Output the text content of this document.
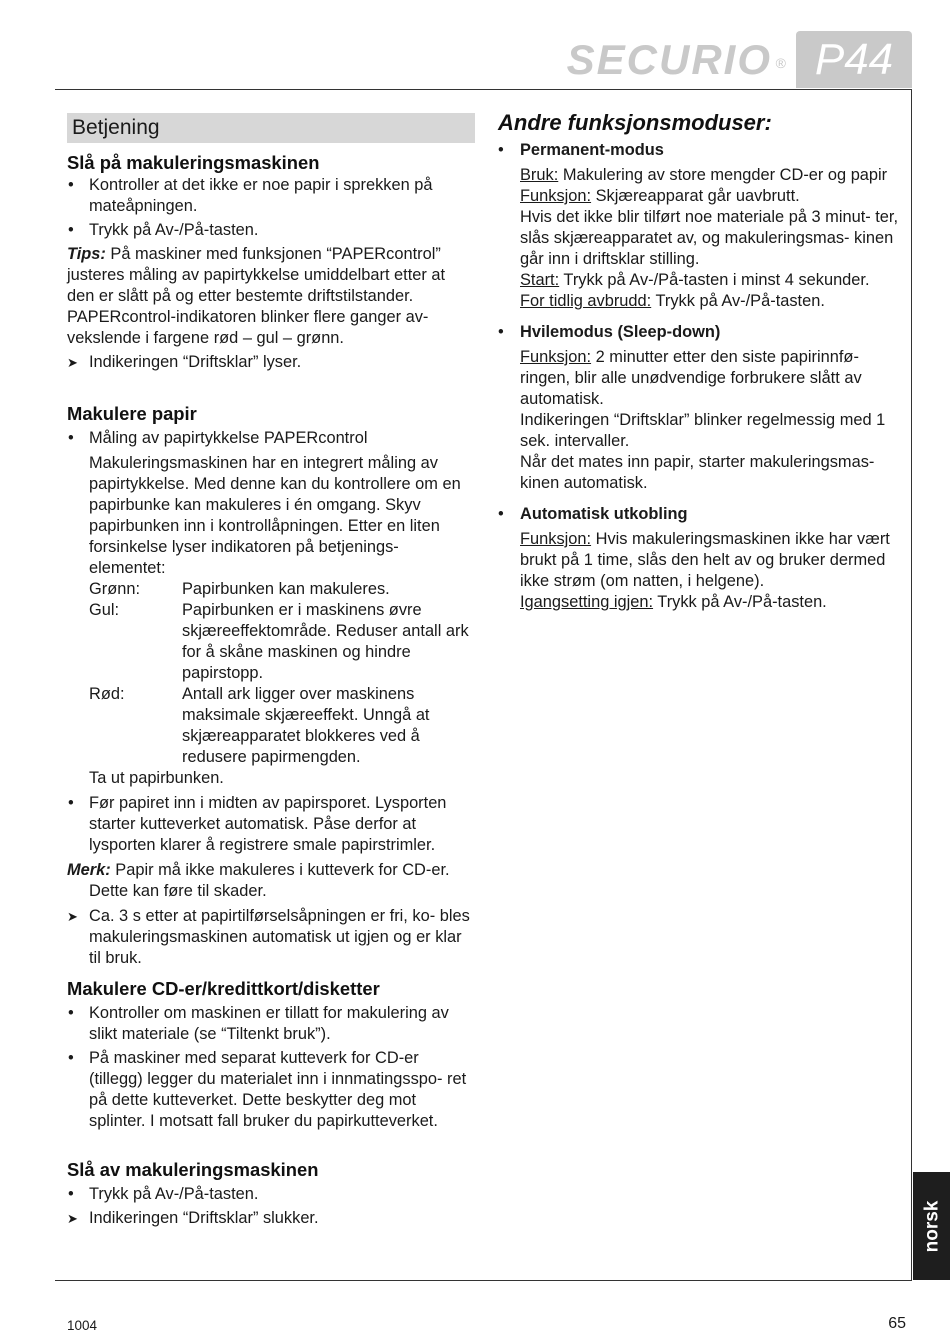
SECURIO ® P44
norsk
1004	65
Betjening
Slå på makuleringsmaskinen
• Kontroller at det ikke er noe papir i sprekken på mateåpningen.
• Trykk på Av-/På-tasten.
Tips: På maskiner med funksjonen “PAPERcontrol” justeres måling av papirtykkelse umiddelbart etter at den er slått på og etter bestemte driftstilstander. PAPERcontrol-indikatoren blinker flere ganger av- vekslende i fargene rød – gul – grønn.
➤ Indikeringen “Driftsklar” lyser.
Makulere papir
• Måling av papirtykkelse PAPERcontrol
Makuleringsmaskinen har en integrert måling av papirtykkelse. Med denne kan du kontrollere om en papirbunke kan makuleres i én omgang. Skyv papirbunken inn i kontrollåpningen. Etter en liten forsinkelse lyser indikatoren på betjenings- elementet:
Grønn:	Papirbunken kan makuleres.
Gul:	Papirbunken er i maskinens øvre skjæreeffektområde. Reduser antall ark for å skåne maskinen og hindre papirstopp.
Rød:	Antall ark ligger over maskinens maksimale skjæreeffekt. Unngå at skjæreapparatet blokkeres ved å redusere papirmengden.
Ta ut papirbunken.
• Før papiret inn i midten av papirsporet. Lysporten starter kutteverket automatisk. Påse derfor at lysporten klarer å registrere smale papirstrimler.
Merk: Papir må ikke makuleres i kutteverk for CD-er. Dette kan føre til skader.
➤ Ca. 3 s etter at papirtilførselsåpningen er fri, ko- bles makuleringsmaskinen automatisk ut igjen og er klar til bruk.
Makulere CD-er/kredittkort/disketter
• Kontroller om maskinen er tillatt for makulering av slikt materiale (se “Tiltenkt bruk”).
• På maskiner med separat kutteverk for CD-er (tillegg) legger du materialet inn i innmatingsspo- ret på dette kutteverket. Dette beskytter deg mot splinter. I motsatt fall bruker du papirkutteverket.
Slå av makuleringsmaskinen
• Trykk på Av-/På-tasten.
➤ Indikeringen “Driftsklar” slukker.
Andre funksjonsmoduser:
• Permanent-modus
Bruk: Makulering av store mengder CD-er og papir
Funksjon: Skjæreapparat går uavbrutt.
Hvis det ikke blir tilført noe materiale på 3 minut- ter, slås skjæreapparatet av, og makuleringsmas- kinen går inn i driftsklar stilling.
Start: Trykk på Av-/På-tasten i minst 4 sekunder.
For tidlig avbrudd: Trykk på Av-/På-tasten.
• Hvilemodus (Sleep-down)
Funksjon: 2 minutter etter den siste papirinnfø- ringen, blir alle unødvendige forbrukere slått av automatisk.
Indikeringen “Driftsklar” blinker regelmessig med 1 sek. intervaller.
Når det mates inn papir, starter makuleringsmas- kinen automatisk.
• Automatisk utkobling
Funksjon: Hvis makuleringsmaskinen ikke har vært brukt på 1 time, slås den helt av og bruker dermed ikke strøm (om natten, i helgene).
Igangsetting igjen: Trykk på Av-/På-tasten.
